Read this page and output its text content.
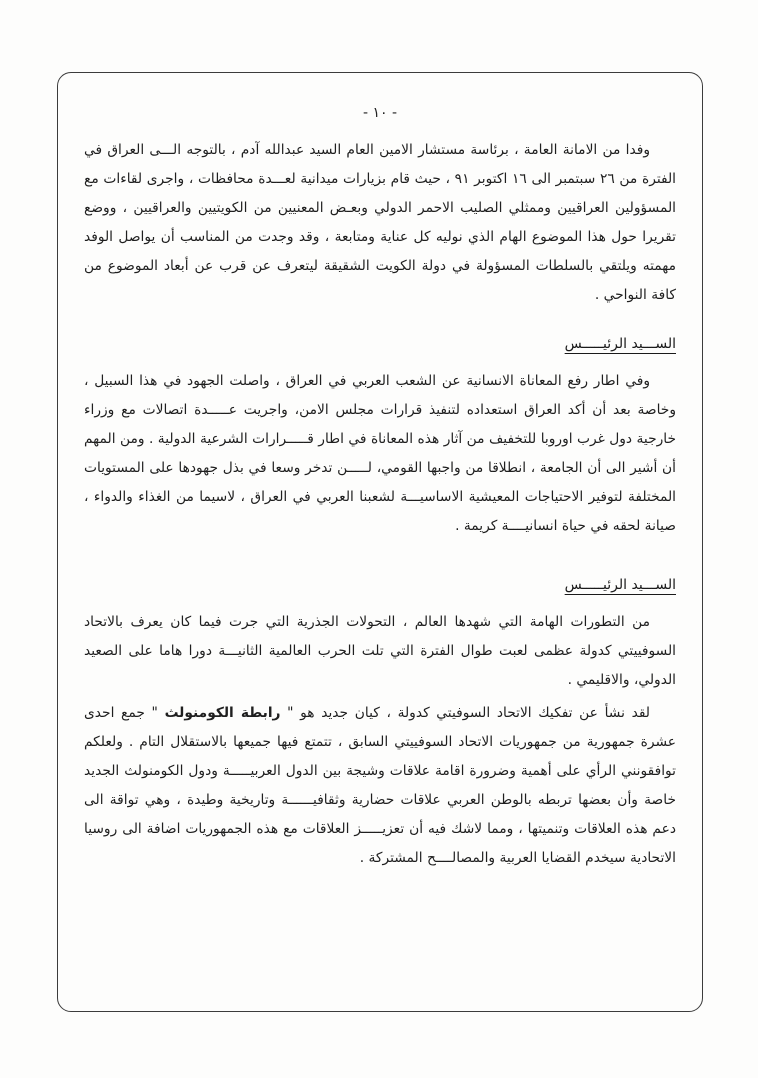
- ١٠ -

وفدا من الامانة العامة ، برئاسة مستشار الامين العام السيد عبدالله آدم ، بالتوجه الـــى العراق في الفترة من ٢٦ سبتمبر الى ١٦ اكتوبر ٩١ ، حيث قام بزيارات ميدانية لعـــدة محافظات ، واجرى لقاءات مع المسؤولين العراقيين وممثلي الصليب الاحمر الدولي وبعـض المعنيين من الكويتيين والعراقيين ، ووضع تقريرا حول هذا الموضوع الهام الذي نوليه كل عناية ومتابعة ، وقد وجدت من المناسب أن يواصل الوفد مهمته ويلتقي بالسلطات المسؤولة في دولة الكويت الشقيقة ليتعرف عن قرب عن أبعاد الموضوع من كافة النواحي .

الســـيد الرئيـــــس

وفي اطار رفع المعاناة الانسانية عن الشعب العربي في العراق ، واصلت الجهود في هذا السبيل ، وخاصة بعد أن أكد العراق استعداده لتنفيذ قرارات مجلس الامن، واجريت عـــــدة اتصالات مع وزراء خارجية دول غرب اوروبا للتخفيف من آثار هذه المعاناة في اطار قـــــرارات الشرعية الدولية . ومن المهم أن أشير الى أن الجامعة ، انطلاقا من واجبها القومي، لـــــن تدخر وسعا في بذل جهودها على المستويات المختلفة لتوفير الاحتياجات المعيشية الاساسيـــة لشعبنا العربي في العراق ، لاسيما من الغذاء والدواء ، صيانة لحقه في حياة انسانيــــة كريمة .

الســـيد الرئيـــــس

من التطورات الهامة التي شهدها العالم ، التحولات الجذرية التي جرت فيما كان يعرف بالاتحاد السوفييتي كدولة عظمى لعبت طوال الفترة التي تلت الحرب العالمية الثانيـــة دورا هاما على الصعيد الدولي، والاقليمي .

لقد نشأ عن تفكيك الاتحاد السوفيتي كدولة ، كيان جديد هو " رابطة الكومنولث " جمع احدى عشرة جمهورية من جمهوريات الاتحاد السوفييتي السابق ، تتمتع فيها جميعها بالاستقلال التام . ولعلكم توافقونني الرأي على أهمية وضرورة اقامة علاقات وشيجة بين الدول العربيـــــة ودول الكومنولث الجديد خاصة وأن بعضها تربطه بالوطن العربي علاقات حضارية وثقافيــــــة وتاريخية وطيدة ، وهي تواقة الى دعم هذه العلاقات وتنميتها ، ومما لاشك فيه أن تعزيـــــز العلاقات مع هذه الجمهوريات اضافة الى روسيا الاتحادية سيخدم القضايا العربية والمصالــــح المشتركة .
